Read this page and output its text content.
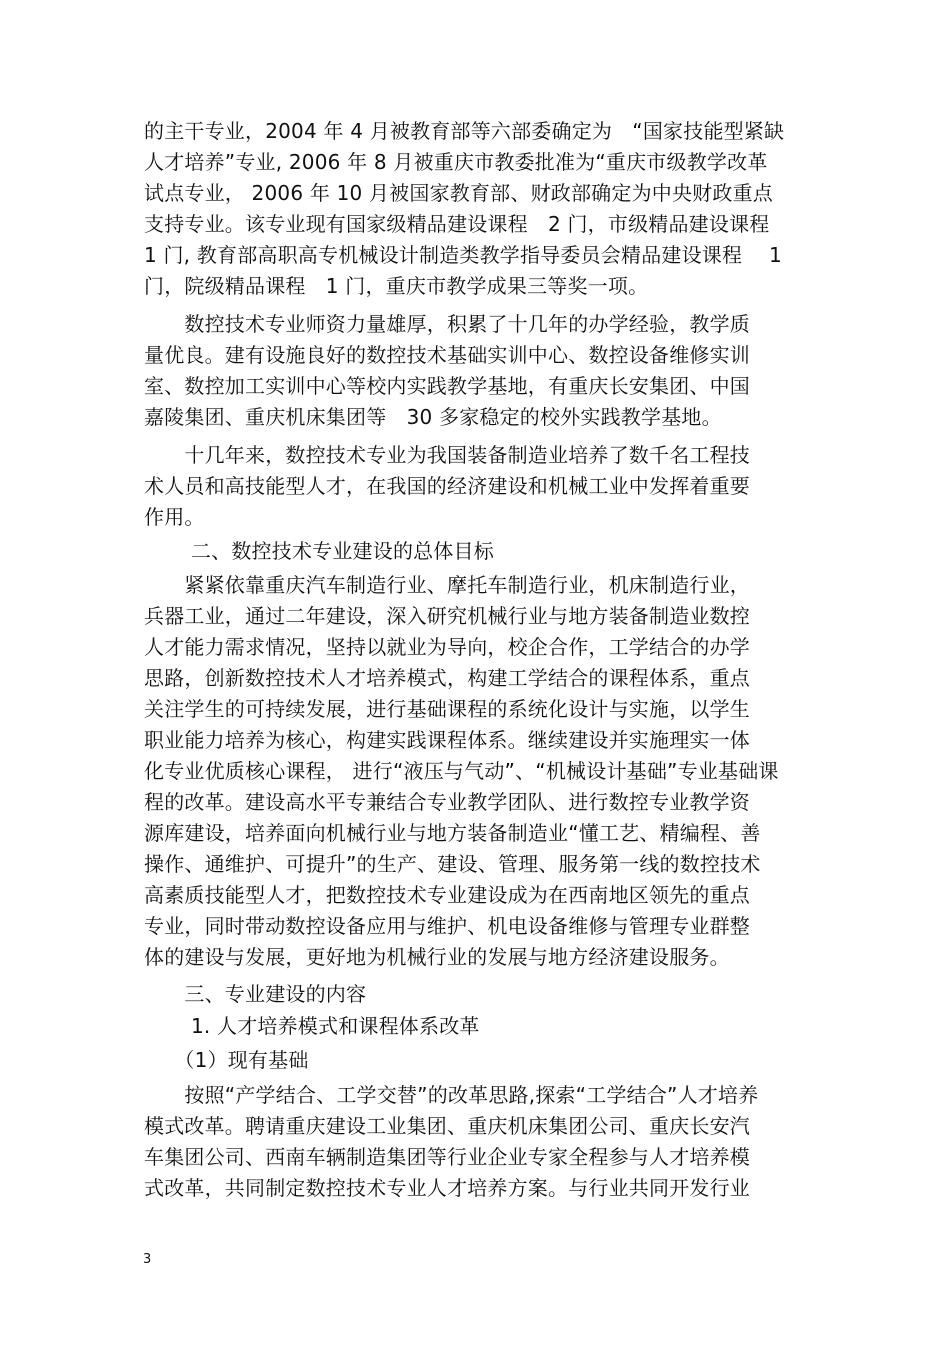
的主干专业，2004 年 4 月被教育部等六部委确定为　“国家技能型紧缺
人才培养”专业, 2006 年 8 月被重庆市教委批准为“重庆市级教学改革
试点专业， 2006 年 10 月被国家教育部、财政部确定为中央财政重点
支持专业。该专业现有国家级精品建设课程　2 门，市级精品建设课程
1 门, 教育部高职高专机械设计制造类教学指导委员会精品建设课程　 1
门，院级精品课程　1 门，重庆市教学成果三等奖一项。
　　数控技术专业师资力量雄厚，积累了十几年的办学经验，教学质
量优良。建有设施良好的数控技术基础实训中心、数控设备维修实训
室、数控加工实训中心等校内实践教学基地，有重庆长安集团、中国
嘉陵集团、重庆机床集团等　30 多家稳定的校外实践教学基地。
　　十几年来，数控技术专业为我国装备制造业培养了数千名工程技
术人员和高技能型人才，在我国的经济建设和机械工业中发挥着重要
作用。
　　 二、数控技术专业建设的总体目标
　　紧紧依靠重庆汽车制造行业、摩托车制造行业，机床制造行业，
兵器工业，通过二年建设，深入研究机械行业与地方装备制造业数控
人才能力需求情况，坚持以就业为导向，校企合作，工学结合的办学
思路，创新数控技术人才培养模式，构建工学结合的课程体系，重点
关注学生的可持续发展，进行基础课程的系统化设计与实施，以学生
职业能力培养为核心，构建实践课程体系。继续建设并实施理实一体
化专业优质核心课程， 进行“液压与气动”、“机械设计基础”专业基础课
程的改革。建设高水平专兼结合专业教学团队、进行数控专业教学资
源库建设，培养面向机械行业与地方装备制造业“懂工艺、精编程、善
操作、通维护、可提升”的生产、建设、管理、服务第一线的数控技术
高素质技能型人才，把数控技术专业建设成为在西南地区领先的重点
专业，同时带动数控设备应用与维护、机电设备维修与管理专业群整
体的建设与发展，更好地为机械行业的发展与地方经济建设服务。
　　三、专业建设的内容
　　 1. 人才培养模式和课程体系改革
　　（1）现有基础
　　按照“产学结合、工学交替”的改革思路,探索“工学结合”人才培养
模式改革。聘请重庆建设工业集团、重庆机床集团公司、重庆长安汽
车集团公司、西南车辆制造集团等行业企业专家全程参与人才培养模
式改革，共同制定数控技术专业人才培养方案。与行业共同开发行业
3
